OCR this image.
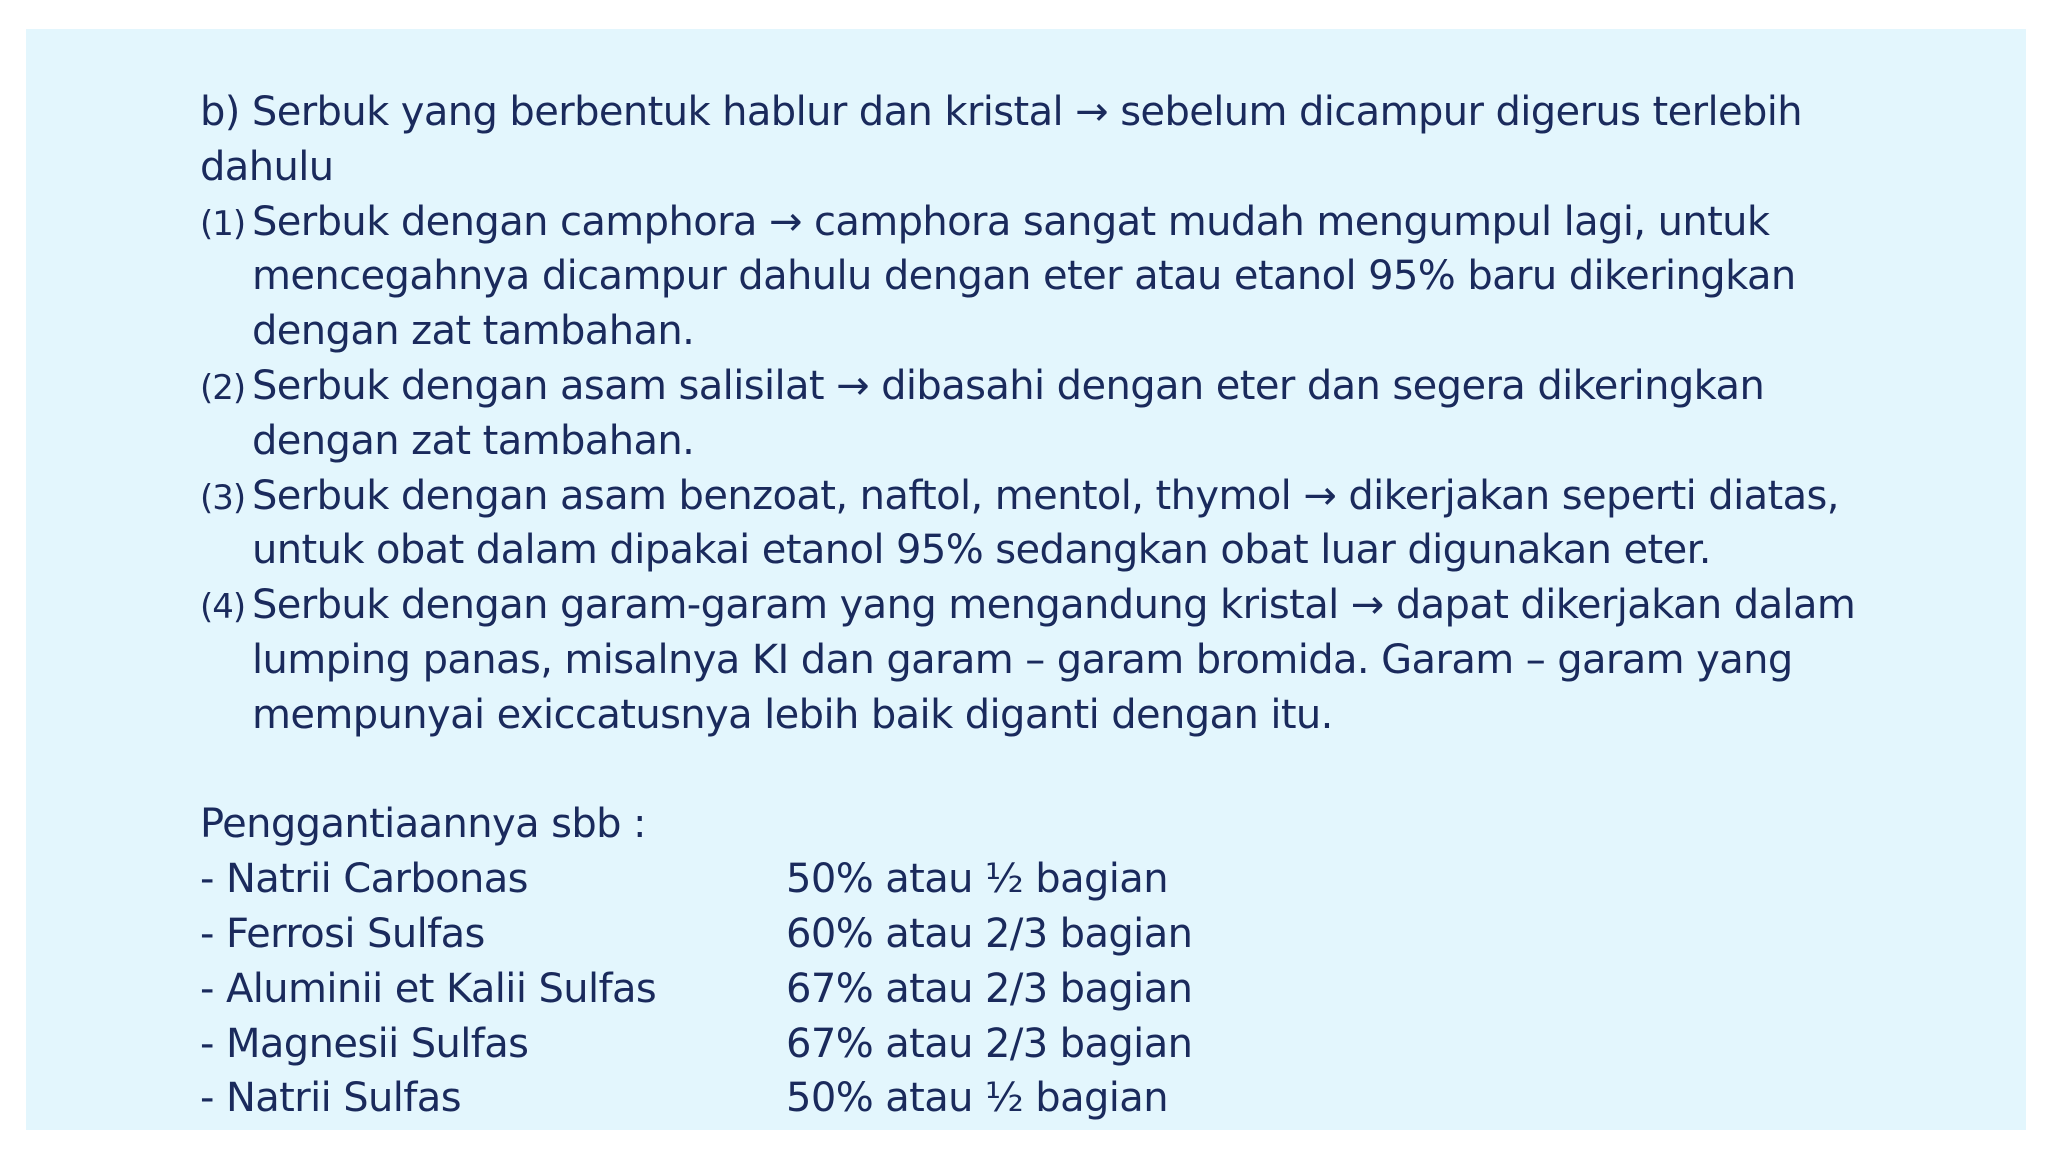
b) Serbuk yang berbentuk hablur dan kristal → sebelum dicampur digerus terlebih
dahulu
(1) Serbuk dengan camphora → camphora sangat mudah mengumpul lagi, untuk
mencegahnya dicampur dahulu dengan eter atau etanol 95% baru dikeringkan
dengan zat tambahan.
(2) Serbuk dengan asam salisilat → dibasahi dengan eter dan segera dikeringkan
dengan zat tambahan.
(3) Serbuk dengan asam benzoat, naftol, mentol, thymol → dikerjakan seperti diatas,
untuk obat dalam dipakai etanol 95% sedangkan obat luar digunakan eter.
(4) Serbuk dengan garam-garam yang mengandung kristal → dapat dikerjakan dalam
lumping panas, misalnya KI dan garam – garam bromida. Garam – garam yang
mempunyai exiccatusnya lebih baik diganti dengan itu.
Penggantiaannya sbb :
- Natrii Carbonas	50% atau ½ bagian
- Ferrosi Sulfas	60% atau 2/3 bagian
- Aluminii et Kalii Sulfas	67% atau 2/3 bagian
- Magnesii Sulfas	67% atau 2/3 bagian
- Natrii Sulfas	50% atau ½ bagian
